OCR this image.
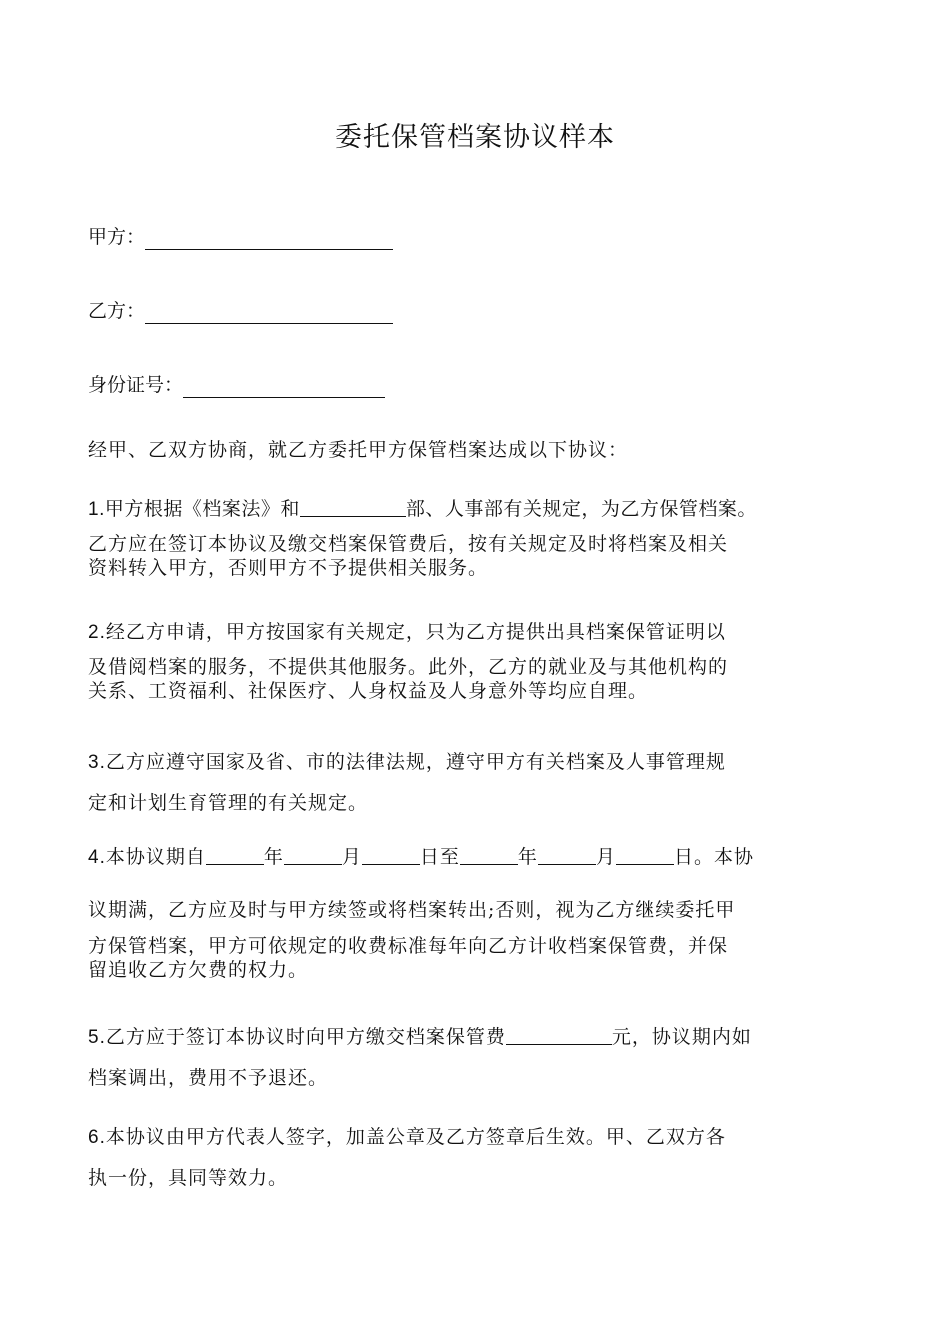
委托保管档案协议样本
甲方：
乙方：
身份证号：
经甲、乙双方协商，就乙方委托甲方保管档案达成以下协议：
1.甲方根据《档案法》和	部、人事部有关规定，为乙方保管档案。
乙方应在签订本协议及缴交档案保管费后，按有关规定及时将档案及相关
资料转入甲方，否则甲方不予提供相关服务。
2.经乙方申请，甲方按国家有关规定，只为乙方提供出具档案保管证明以
及借阅档案的服务，不提供其他服务。此外，乙方的就业及与其他机构的
关系、工资福利、社保医疗、人身权益及人身意外等均应自理。
3.乙方应遵守国家及省、市的法律法规，遵守甲方有关档案及人事管理规
定和计划生育管理的有关规定。
4.本协议期自	年	月	日至	年	月	日。本协
议期满，乙方应及时与甲方续签或将档案转出;否则，视为乙方继续委托甲
方保管档案，甲方可依规定的收费标准每年向乙方计收档案保管费，并保
留追收乙方欠费的权力。
5.乙方应于签订本协议时向甲方缴交档案保管费	元，协议期内如
档案调出，费用不予退还。
6.本协议由甲方代表人签字，加盖公章及乙方签章后生效。甲、乙双方各
执一份，具同等效力。
